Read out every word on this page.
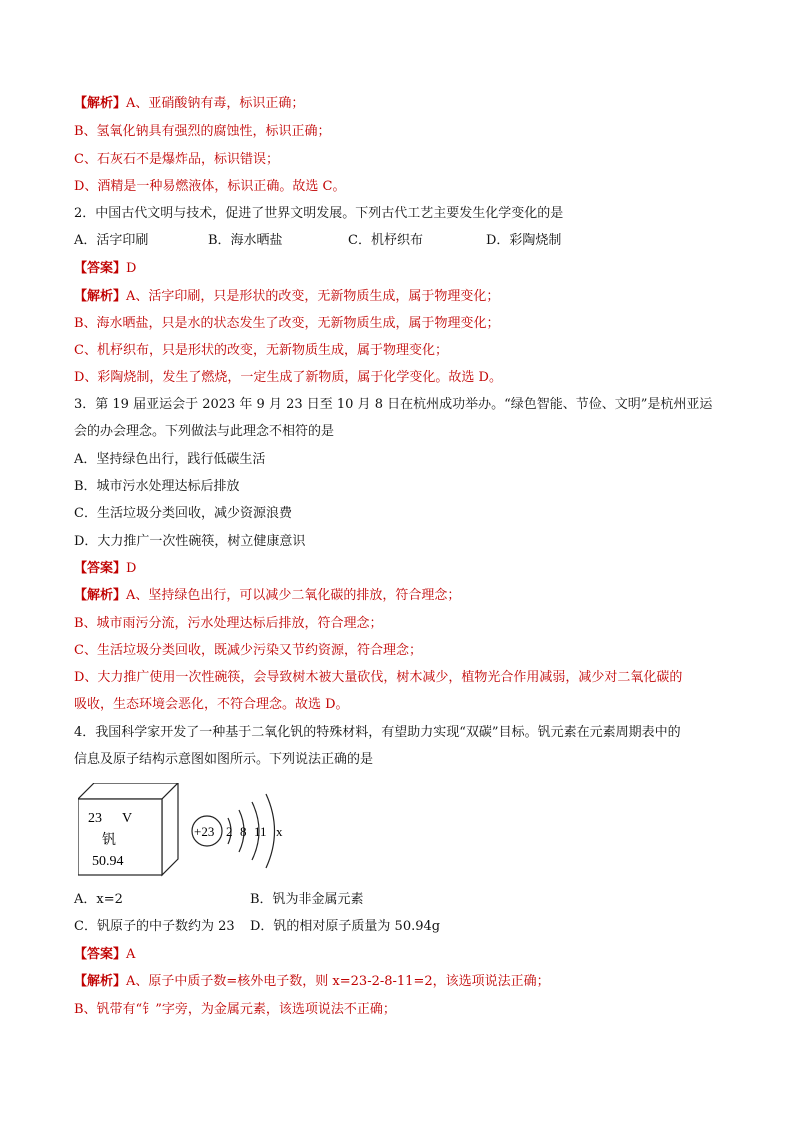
【解析】A、亚硝酸钠有毒，标识正确；
B、氢氧化钠具有强烈的腐蚀性，标识正确；
C、石灰石不是爆炸品，标识错误；
D、酒精是一种易燃液体，标识正确。故选 C。
2．中国古代文明与技术，促进了世界文明发展。下列古代工艺主要发生化学变化的是
A．活字印刷	B．海水晒盐	C．机杼织布	D．彩陶烧制
【答案】D
【解析】A、活字印刷，只是形状的改变，无新物质生成，属于物理变化；
B、海水晒盐，只是水的状态发生了改变，无新物质生成，属于物理变化；
C、机杼织布，只是形状的改变，无新物质生成，属于物理变化；
D、彩陶烧制，发生了燃烧，一定生成了新物质，属于化学变化。故选 D。
3．第 19 届亚运会于 2023 年 9 月 23 日至 10 月 8 日在杭州成功举办。“绿色智能、节俭、文明”是杭州亚运
会的办会理念。下列做法与此理念不相符的是
A．坚持绿色出行，践行低碳生活
B．城市污水处理达标后排放
C．生活垃圾分类回收，减少资源浪费
D．大力推广一次性碗筷，树立健康意识
【答案】D
【解析】A、坚持绿色出行，可以减少二氧化碳的排放，符合理念；
B、城市雨污分流，污水处理达标后排放，符合理念；
C、生活垃圾分类回收，既减少污染又节约资源，符合理念；
D、大力推广使用一次性碗筷，会导致树木被大量砍伐，树木减少，植物光合作用减弱，减少对二氧化碳的
吸收，生态环境会恶化，不符合理念。故选 D。
4．我国科学家开发了一种基于二氧化钒的特殊材料，有望助力实现“双碳”目标。钒元素在元素周期表中的
信息及原子结构示意图如图所示。下列说法正确的是
23 V
钒
50.94
+23 2 8 11 x
A．x=2	B．钒为非金属元素
C．钒原子的中子数约为 23 D．钒的相对原子质量为 50.94g
【答案】A
【解析】A、原子中质子数=核外电子数，则 x=23-2-8-11=2，该选项说法正确；
B、钒带有“钅”字旁，为金属元素，该选项说法不正确；
